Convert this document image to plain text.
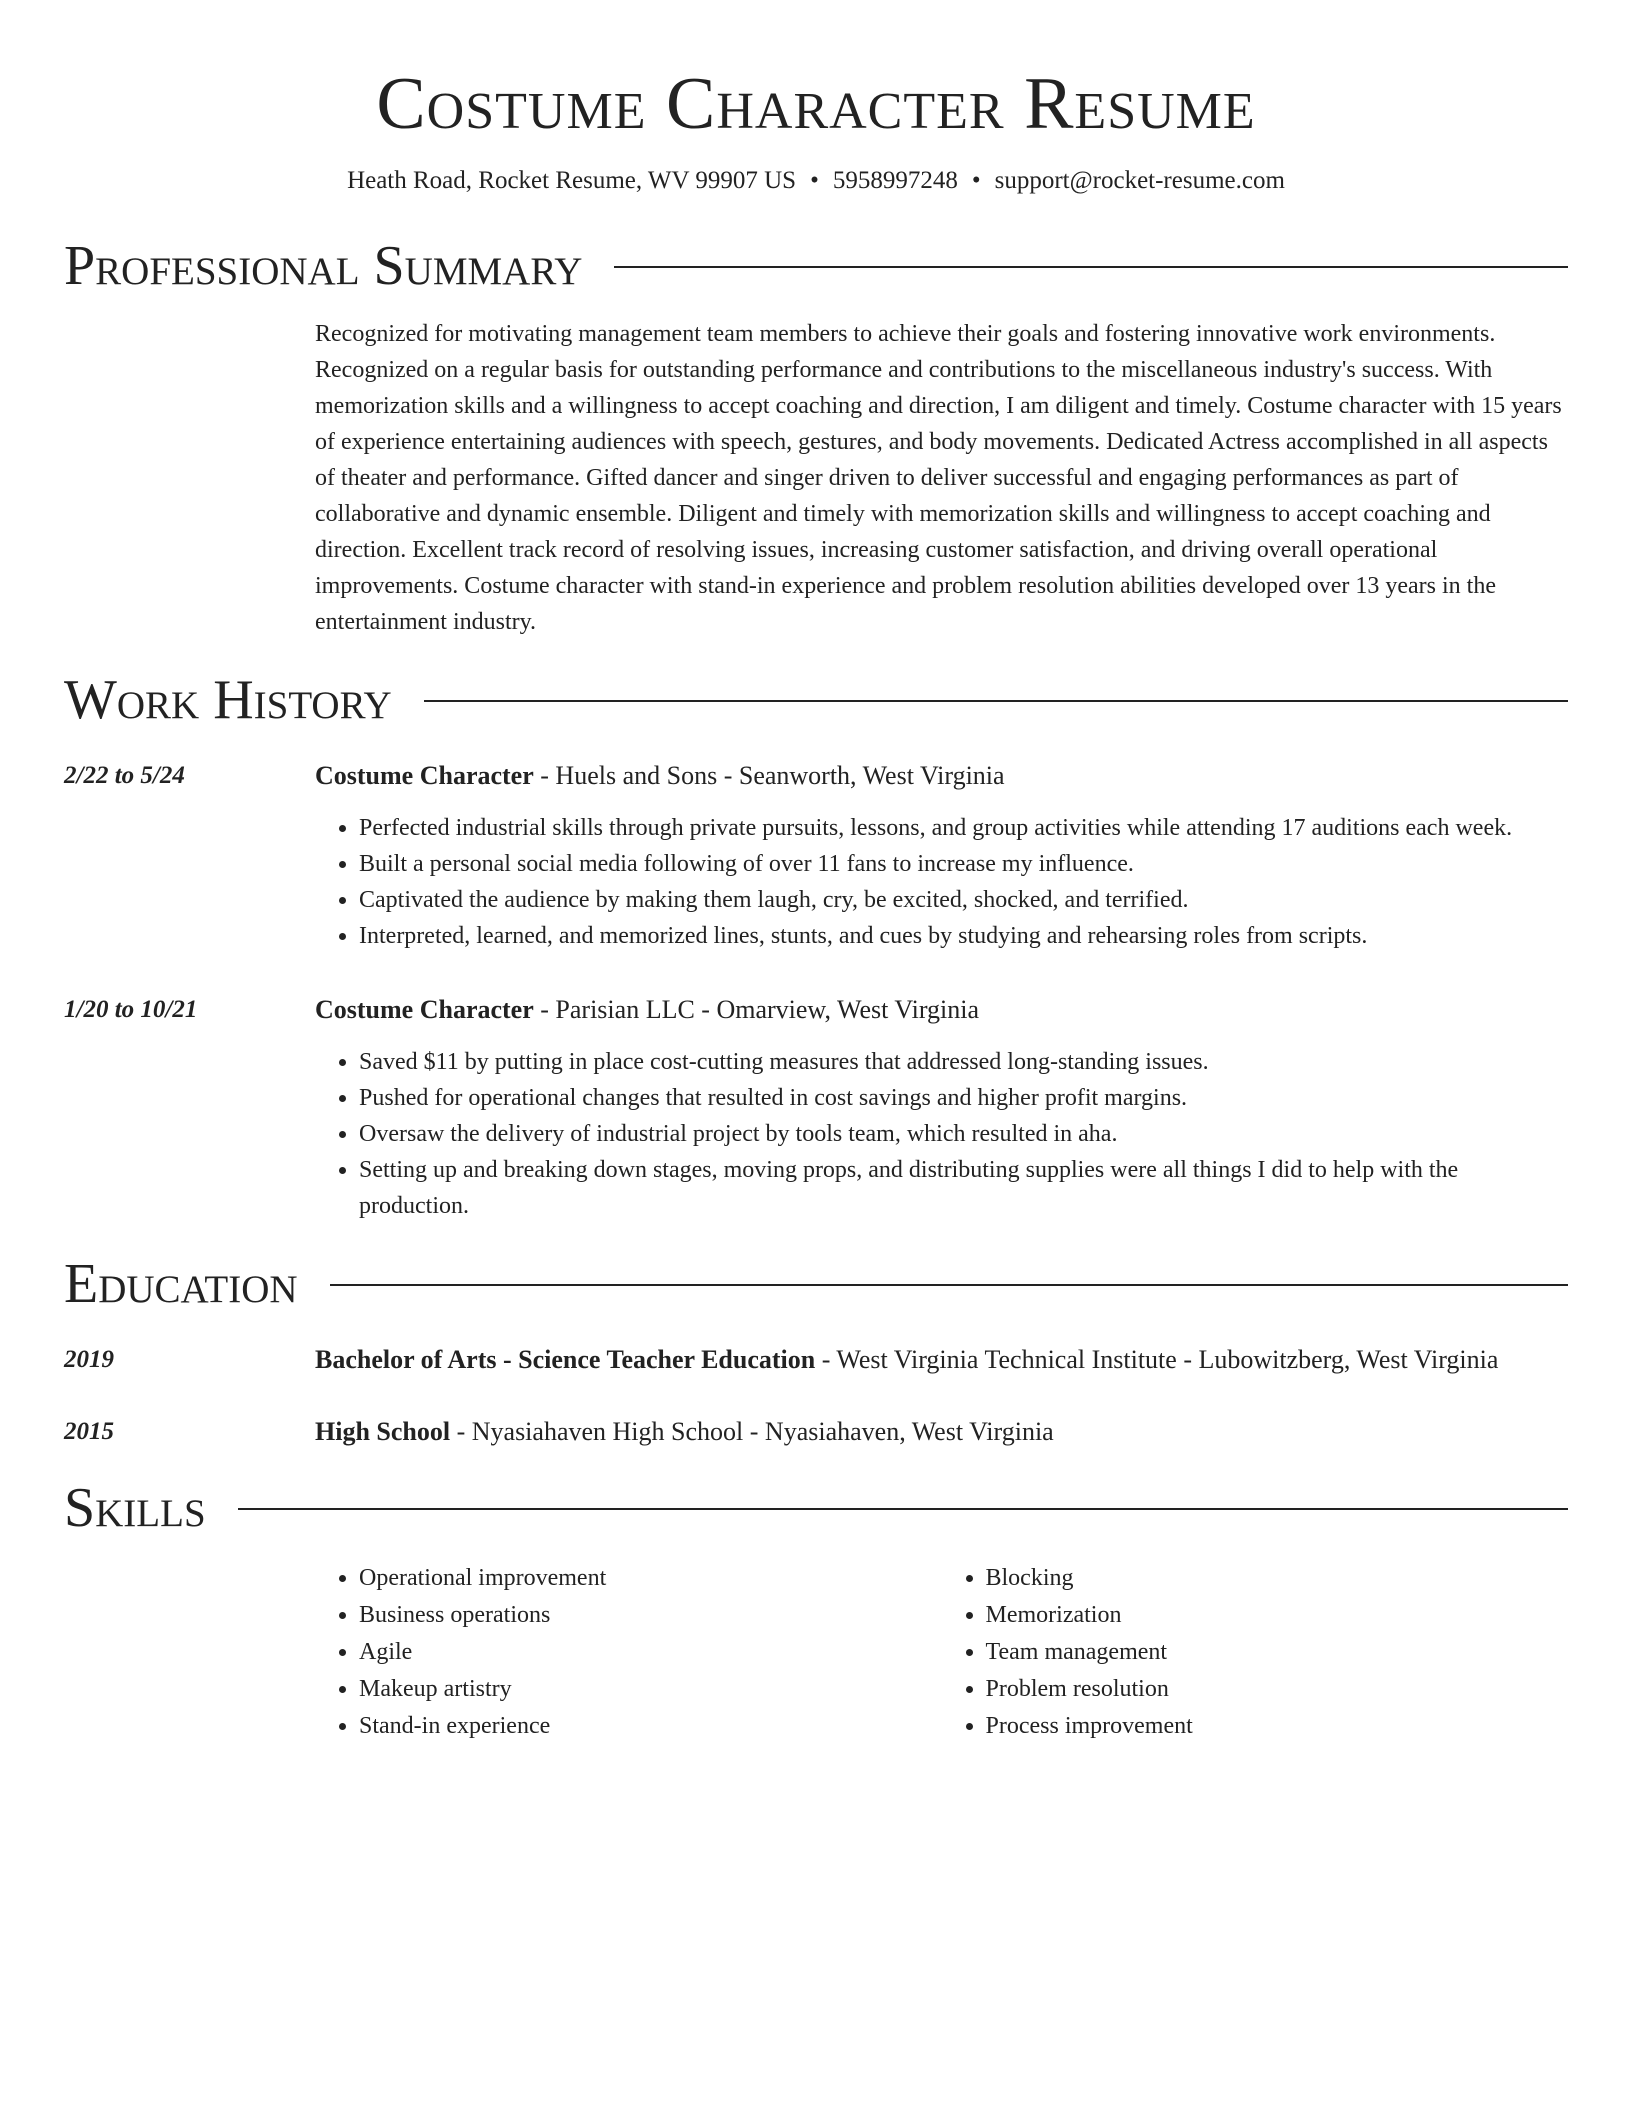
Costume Character Resume
Heath Road, Rocket Resume, WV 99907 US • 5958997248 • support@rocket-resume.com
Professional Summary

Recognized for motivating management team members to achieve their goals and fostering innovative work environments. Recognized on a regular basis for outstanding performance and contributions to the miscellaneous industry's success. With memorization skills and a willingness to accept coaching and direction, I am diligent and timely. Costume character with 15 years of experience entertaining audiences with speech, gestures, and body movements. Dedicated Actress accomplished in all aspects of theater and performance. Gifted dancer and singer driven to deliver successful and engaging performances as part of collaborative and dynamic ensemble. Diligent and timely with memorization skills and willingness to accept coaching and direction. Excellent track record of resolving issues, increasing customer satisfaction, and driving overall operational improvements. Costume character with stand-in experience and problem resolution abilities developed over 13 years in the entertainment industry.

Work History
2/22 to 5/24	Costume Character - Huels and Sons - Seanworth, West Virginia
• Perfected industrial skills through private pursuits, lessons, and group activities while attending 17 auditions each week.
• Built a personal social media following of over 11 fans to increase my influence.
• Captivated the audience by making them laugh, cry, be excited, shocked, and terrified.
• Interpreted, learned, and memorized lines, stunts, and cues by studying and rehearsing roles from scripts.
1/20 to 10/21	Costume Character - Parisian LLC - Omarview, West Virginia
• Saved $11 by putting in place cost-cutting measures that addressed long-standing issues.
• Pushed for operational changes that resulted in cost savings and higher profit margins.
• Oversaw the delivery of industrial project by tools team, which resulted in aha.
• Setting up and breaking down stages, moving props, and distributing supplies were all things I did to help with the production.
Education
2019	Bachelor of Arts - Science Teacher Education - West Virginia Technical Institute - Lubowitzberg, West Virginia
2015	High School - Nyasiahaven High School - Nyasiahaven, West Virginia
Skills
• Operational improvement
• Business operations
• Agile
• Makeup artistry
• Stand-in experience
• Blocking
• Memorization
• Team management
• Problem resolution
• Process improvement
